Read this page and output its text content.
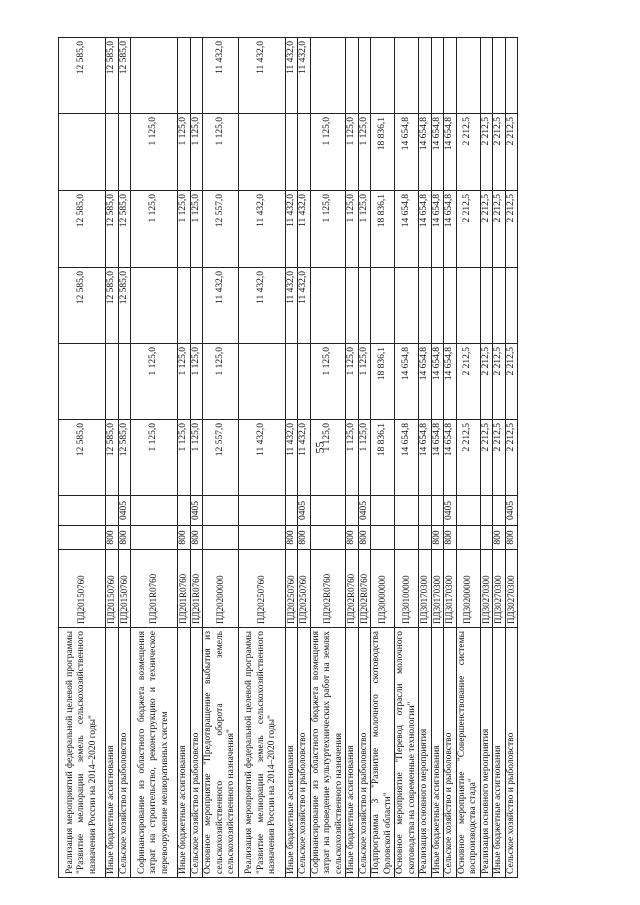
55
Реализация мероприятий федеральной целевой программы "Развитие мелиорации земель сельскохозяйственного назначения России на 2014–2020 годы"	ПД20150760			12 585,0		12 585,0	12 585,0		12 585,0
Иные бюджетные ассигнования	ПД20150760	800		12 585,0		12 585,0	12 585,0		12 585,0
Сельское хозяйство и рыболовство	ПД20150760	800	0405	12 585,0		12 585,0	12 585,0		12 585,0
Софинансирование из областного бюджета возмещения затрат на строительство, реконструкцию и техническое перевооружение мелиоративных систем	ПД201R0760			1 125,0	1 125,0		1 125,0	1 125,0	
Иные бюджетные ассигнования	ПД201R0760	800		1 125,0	1 125,0		1 125,0	1 125,0	
Сельское хозяйство и рыболовство	ПД201R0760	800	0405	1 125,0	1 125,0		1 125,0	1 125,0	
Основное мероприятие "Предотвращение выбытия из сельскохозяйственного оборота земель сельскохозяйственного назначения"	ПД20200000			12 557,0	1 125,0	11 432,0	12 557,0	1 125,0	11 432,0
Реализация мероприятий федеральной целевой программы "Развитие мелиорации земель сельскохозяйственного назначения России на 2014–2020 годы"	ПД20250760			11 432,0		11 432,0	11 432,0		11 432,0
Иные бюджетные ассигнования	ПД20250760	800		11 432,0		11 432,0	11 432,0		11 432,0
Сельское хозяйство и рыболовство	ПД20250760	800	0405	11 432,0		11 432,0	11 432,0		11 432,0
Софинансирование из областного бюджета возмещения затрат на проведение культуртехнических работ на землях сельскохозяйственного назначения	ПД202R0760			1 125,0	1 125,0		1 125,0	1 125,0	
Иные бюджетные ассигнования	ПД202R0760	800		1 125,0	1 125,0		1 125,0	1 125,0	
Сельское хозяйство и рыболовство	ПД202R0760	800	0405	1 125,0	1 125,0		1 125,0	1 125,0	
Подпрограмма 3 "Развитие молочного скотоводства Орловской области"	ПД30000000			18 836,1	18 836,1		18 836,1	18 836,1	
Основное мероприятие "Перевод отрасли молочного скотоводства на современные технологии"	ПД30100000			14 654,8	14 654,8		14 654,8	14 654,8	
Реализация основного мероприятия	ПД30170300			14 654,8	14 654,8		14 654,8	14 654,8	
Иные бюджетные ассигнования	ПД30170300	800		14 654,8	14 654,8		14 654,8	14 654,8	
Сельское хозяйство и рыболовство	ПД30170300	800	0405	14 654,8	14 654,8		14 654,8	14 654,8	
Основное мероприятие "Совершенствование системы воспроизводства стада"	ПД30200000			2 212,5	2 212,5		2 212,5	2 212,5	
Реализация основного мероприятия	ПД30270300			2 212,5	2 212,5		2 212,5	2 212,5	
Иные бюджетные ассигнования	ПД30270300	800		2 212,5	2 212,5		2 212,5	2 212,5	
Сельское хозяйство и рыболовство	ПД30270300	800	0405	2 212,5	2 212,5		2 212,5	2 212,5	
